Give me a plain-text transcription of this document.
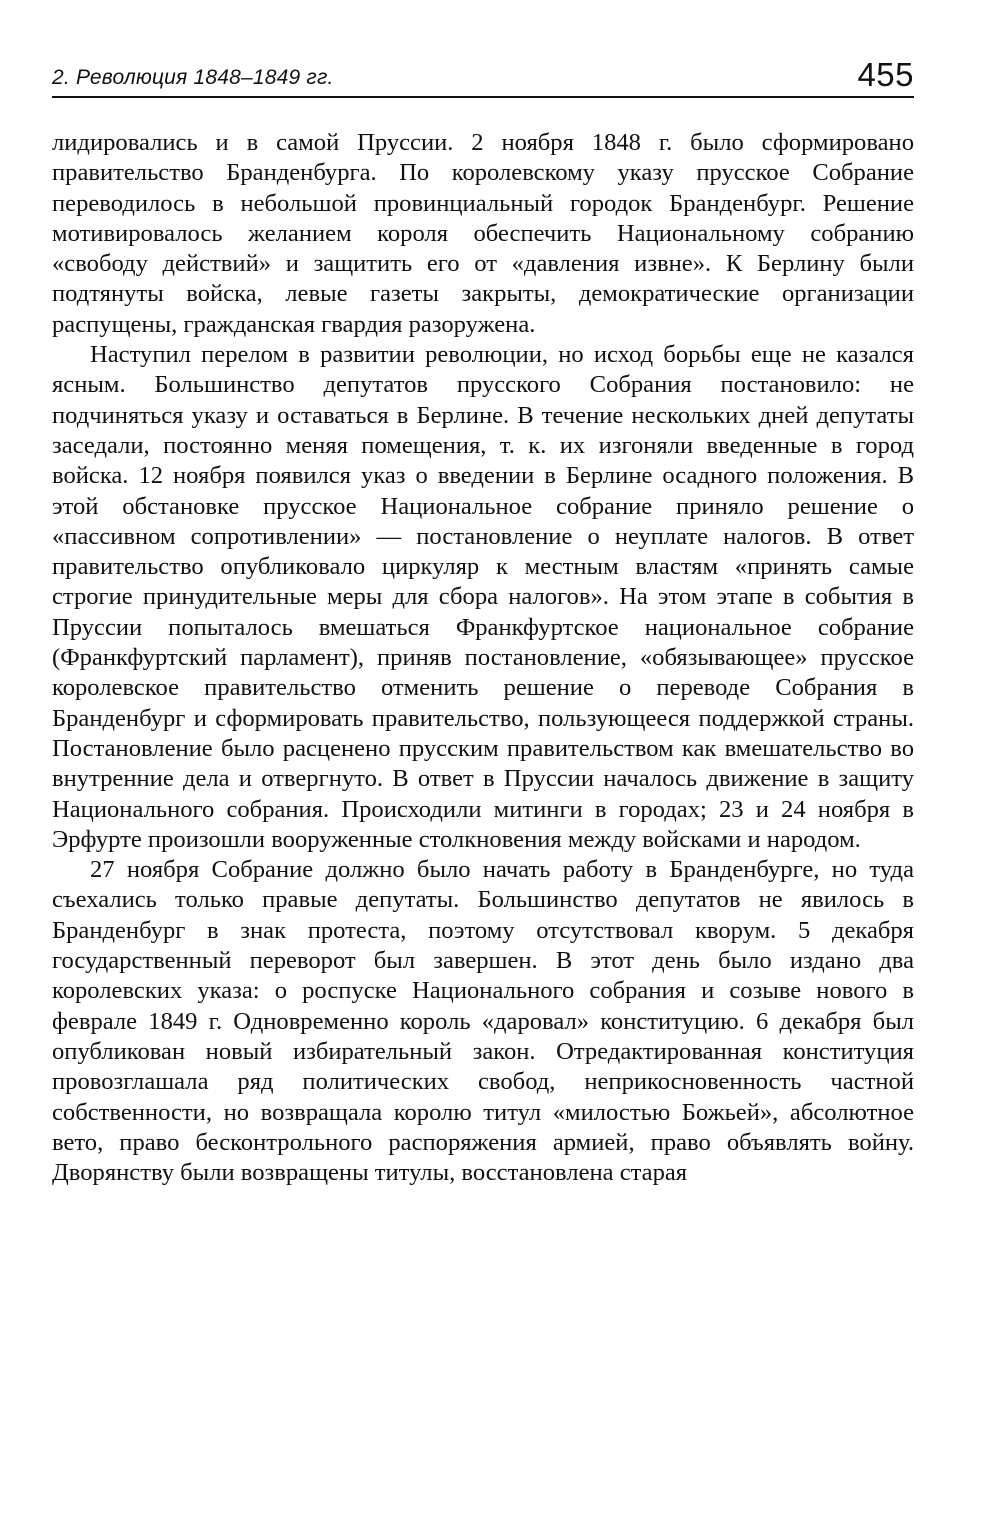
2. Революция 1848–1849 гг.	455

лидировались и в самой Пруссии. 2 ноября 1848 г. было сформировано правительство Бранденбурга. По королевскому указу прусское Собрание переводилось в небольшой провинциальный городок Бранденбург. Решение мотивировалось желанием короля обеспечить Национальному собранию «свободу действий» и защитить его от «давления извне». К Берлину были подтянуты войска, левые газеты закрыты, демократические организации распущены, гражданская гвардия разоружена.

Наступил перелом в развитии революции, но исход борьбы еще не казался ясным. Большинство депутатов прусского Собрания постановило: не подчиняться указу и оставаться в Берлине. В течение нескольких дней депутаты заседали, постоянно меняя помещения, т. к. их изгоняли введенные в город войска. 12 ноября появился указ о введении в Берлине осадного положения. В этой обстановке прусское Национальное собрание приняло решение о «пассивном сопротивлении» — постановление о неуплате налогов. В ответ правительство опубликовало циркуляр к местным властям «принять самые строгие принудительные меры для сбора налогов». На этом этапе в события в Пруссии попыталось вмешаться Франкфуртское национальное собрание (Франкфуртский парламент), приняв постановление, «обязывающее» прусское королевское правительство отменить решение о переводе Собрания в Бранденбург и сформировать правительство, пользующееся поддержкой страны. Постановление было расценено прусским правительством как вмешательство во внутренние дела и отвергнуто. В ответ в Пруссии началось движение в защиту Национального собрания. Происходили митинги в городах; 23 и 24 ноября в Эрфурте произошли вооруженные столкновения между войсками и народом.

27 ноября Собрание должно было начать работу в Бранденбурге, но туда съехались только правые депутаты. Большинство депутатов не явилось в Бранденбург в знак протеста, поэтому отсутствовал кворум. 5 декабря государственный переворот был завершен. В этот день было издано два королевских указа: о роспуске Национального собрания и созыве нового в феврале 1849 г. Одновременно король «даровал» конституцию. 6 декабря был опубликован новый избирательный закон. Отредактированная конституция провозглашала ряд политических свобод, неприкосновенность частной собственности, но возвращала королю титул «милостью Божьей», абсолютное вето, право бесконтрольного распоряжения армией, право объявлять войну. Дворянству были возвращены титулы, восстановлена старая
